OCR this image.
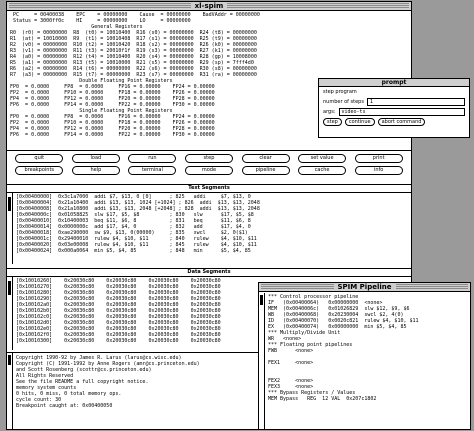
xl-spim
PC     = 00400038    EPC    = 00000000    Cause  = 00000000    BadVAddr = 00000000
Status = 3000ff0c    HI     = 00000000    LO     = 00000000
General Registers
R0  (r0) = 00000000  R8  (t0) = 10010400  R16 (s0) = 00000000  R24 (t8) = 00000000
R1  (at) = 10010000  R9  (t1) = 10010408  R17 (s1) = 00000000  R25 (t9) = 00000000
R2  (v0) = 00000000  R10 (t2) = 10010420  R18 (s2) = 00000000  R26 (k0) = 00000000
R3  (v1) = 00000000  R11 (t3) = 20010f1f  R19 (s3) = 00000000  R27 (k1) = 00000000
R4  (a0) = 00000000  R12 (t4) = 10010400  R20 (s4) = 00000000  R28 (gp) = 10008000
R5  (a1) = 00000000  R13 (t5) = 10010000  R21 (s5) = 00000000  R29 (sp) = 7fff4d0
R6  (a2) = 00000000  R14 (t6) = 00000000  R22 (s6) = 00000000  R30 (s8) = 00000000
R7  (a3) = 00000000  R15 (t7) = 00000000  R23 (s7) = 00000000  R31 (ra) = 00000000
Double Floating Point Registers
FP0  = 0.0000     FP8  = 0.0000     FP16 = 0.00000    FP24 = 0.00000
FP2  = 0.0000     FP10 = 0.0000     FP18 = 0.00000    FP26 = 0.00000
FP4  = 0.0000     FP12 = 0.0000     FP20 = 0.00000    FP28 = 0.00000
FP6  = 0.0000     FP14 = 0.0000     FP22 = 0.00000    FP30 = 0.00000
Single Floating Point Registers
FP0  = 0.0000     FP8  = 0.0000     FP16 = 0.00000    FP24 = 0.00000
FP2  = 0.0000     FP10 = 0.0000     FP18 = 0.00000    FP26 = 0.00000
FP4  = 0.0000     FP12 = 0.0000     FP20 = 0.00000    FP28 = 0.00000
FP6  = 0.0000     FP14 = 0.0000     FP22 = 0.00000    FP30 = 0.00000
quit	load	run	step	clear	set value	print
breakpoints	help	terminal	mode	pipeline	cache	info
Text Segments
[0x00400000]  0x3c1a7000  addi $7, $13, 0 [0]      ; 825   addi     $7, $13, 0
[0x00400004]  0x21a10400  addi $13, $13, 1024 [+1024] ; 826  addi  $13, $13, 2048
[0x00400008]  0x21a10800  addi $13, $13, 2048 [+2048] ; 828  addi  $13, $13, 2048
[0x0040000c]  0x01058825  slw $17, $5, $8          ; 830   slw      $17, $5, $8
[0x00400010]  0x10400003  beq $11, $6, 8           ; 831   beq      $11, $6, 8
[0x00400014]  0x0000000c  add $17, $4, 0           ; 832   add      $17, $4, 0
[0x00400018]  0xae290000  sw $9, $13, 0(00000)     ; 835   swcl     $2, 0($1)
[0x0040001c]  0x29400010  rulew $4, $10, $11       ; 840   rulew    $4, $10, $11
[0x00400020]  0x03e00008  rulew $4, $10, $11       ; 845   rulew    $4, $10, $11
[0x00400024]  0x000a0064  min $5, $4, 85           ; 848   min      $5, $4, 85
Data Segments
[0x10010260]    0x20030c80    0x20030c80    0x20030c80    0x20030c80
[0x10010270]    0x20030c80    0x20030c80    0x20030c80    0x20030c80
[0x10010280]    0x20030c80    0x20030c80    0x20030c80    0x20030c80
[0x10010290]    0x20030c80    0x20030c80    0x20030c80    0x20030c80
[0x100102a0]    0x20030c80    0x20030c80    0x20030c80    0x20030c80
[0x100102b0]    0x20030c80    0x20030c80    0x20030c80    0x20030c80
[0x100102c0]    0x20030c80    0x20030c80    0x20030c80    0x20030c80
[0x100102d0]    0x20030c80    0x20030c80    0x20030c80    0x20030c80
[0x100102e0]    0x20030c80    0x20030c80    0x20030c80    0x20030c80
[0x100102f0]    0x20030c80    0x20030c80    0x20030c80    0x20030c80
[0x10010300]    0x20030c80    0x20030c80    0x20030c80    0x20030c80
Copyright 1990-92 by James R. Larus (larus@cs.wisc.edu)
Copyright (C) 1991-1992 by Anne Rogers (amr@cs.princeton.edu)
and Scott Rosenberg (scottr@cs.princeton.edu)
All Rights Reserved
See the file README a full copyright notice.
memory system counts
0 hits, 0 miss, 0 total memory ops.
cycle count: 30
Breakpoint caught at: 0x00400050
prompt
step program
number of steps	1
args:	video-ts
step	continue	abort command
SPIM Pipeline
*** Control processor pipeline
IF   (0x00400064)   0x00000000  <none>
MEM  (0x0040006c)   0x01026829  slw $12, $9, $6
WB   (0x00400068)   0x20230004  swcl $2, 4(0)
ID   (0x00400070)   0x0020c821  rulew $4, $10, $11
EX   (0x00400074)   0x00000000  min $5, $4, 85
*** Multiply/Divide Unit
WR   <none>
*** Floating point pipelines
FWB      <none>
FEX1     <none>
FEX2     <none>
FEX3     <none>
*** Bypass Registers / Values
MEM Bypass   REG  12 VAL  0x207c1802
